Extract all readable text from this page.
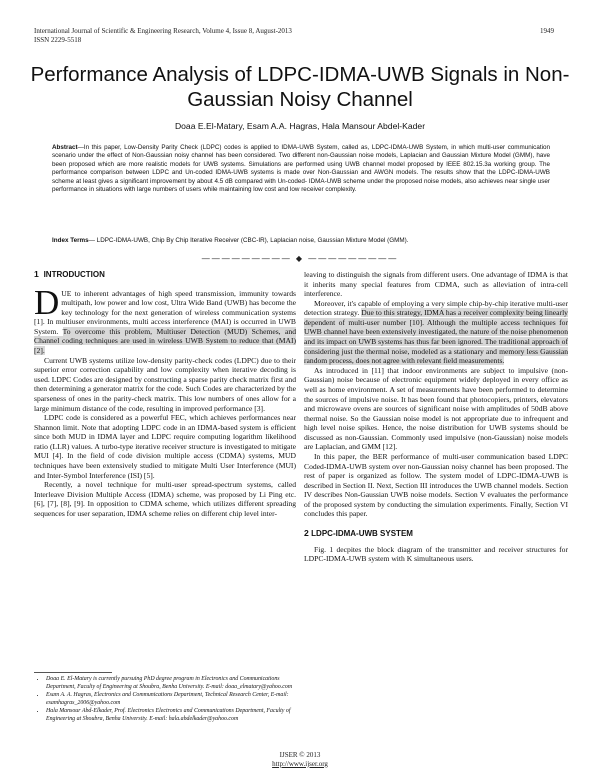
International Journal of Scientific & Engineering Research, Volume 4, Issue 8, August-2013
ISSN 2229-5518
1949
Performance Analysis of LDPC-IDMA-UWB Signals in Non-Gaussian Noisy Channel
Doaa E.El-Matary, Esam A.A. Hagras, Hala Mansour Abdel-Kader
Abstract—In this paper, Low-Density Parity Check (LDPC) codes is applied to IDMA-UWB System, called as, LDPC-IDMA-UWB System, in which multi-user communication scenario under the effect of Non-Gaussian noisy channel has been considered. Two different non-Gaussian noise models, Laplacian and Gaussian Mixture Model (GMM), have been proposed which are more realistic models for UWB systems. Simulations are performed using UWB channel model proposed by IEEE 802.15.3a working group. The performance comparison between LDPC and Un-coded IDMA-UWB systems is made over Non-Gaussian and AWGN models. The results show that the LDPC-IDMA-UWB scheme at least gives a significant improvement by about 4.5 dB compared with Un-coded- IDMA-UWB scheme under the proposed noise models, also achieves near single user performance in situations with large numbers of users while maintaining low cost and low receiver complexity.
Index Terms— LDPC-IDMA-UWB, Chip By Chip Iterative Receiver (CBC-IR), Laplacian noise, Gaussian Mixture Model (GMM).
————————— ◆ —————————
1 INTRODUCTION

DUE to inherent advantages of high speed transmission, immunity towards multipath, low power and low cost, Ultra Wide Band (UWB) has become the key technology for the next generation of wireless communication systems [1]. In multiuser environments, multi access interference (MAI) is occurred in UWB System. To overcome this problem, Multiuser Detection (MUD) Schemes, and Channel coding techniques are used in wireless UWB System to reduce that (MAI) [2].

Current UWB systems utilize low-density parity-check codes (LDPC) due to their superior error correction capability and low complexity when iterative decoding is used. LDPC Codes are designed by constructing a sparse parity check matrix first and then determining a generator matrix for the code. Such Codes are characterized by the sparseness of ones in the parity-check matrix. This low numbers of ones allow for a large minimum distance of the code, resulting in improved performance [3].

LDPC code is considered as a powerful FEC, which achieves performances near Shannon limit. Note that adopting LDPC code in an IDMA-based system is efficient since both MUD in IDMA layer and LDPC require computing logarithm likelihood ratio (LLR) values. A turbo-type iterative receiver structure is investigated to mitigate MUI [4]. In the field of code division multiple access (CDMA) systems, MUD techniques have been extensively studied to mitigate Multi User Interference (MUI) and Inter-Symbol Interference (ISI) [5].

Recently, a novel technique for multi-user spread-spectrum systems, called Interleave Division Multiple Access (IDMA) scheme, was proposed by Li Ping etc. [6], [7], [8], [9]. In opposition to CDMA scheme, which utilizes different spreading sequences for user separation, IDMA scheme relies on different chip level inter-

• Doaa E. El-Matary is currently pursuing PhD degree program in Electronics and Communications Department, Faculty of Engineering at Shoubra, Benha University. E-mail: doaa_elmatary@yahoo.com
• Esam A. A. Hagras, Electronics and Communications Department, Technical Research Center, E-mail: esamhagras_2006@yahoo.com
• Hala Mansour Abd-Elkader, Prof. Electronics Electronics and Communications Department, Faculty of Engineering at Shoubra, Benha University. E-mail: hala.abdelkader@yahoo.com

leaving to distinguish the signals from different users. One advantage of IDMA is that it inherits many special features from CDMA, such as alleviation of intra-cell interference.

Moreover, it's capable of employing a very simple chip-by-chip iterative multi-user detection strategy. Due to this strategy, IDMA has a receiver complexity being linearly dependent of multi-user number [10]. Although the multiple access techniques for UWB channel have been extensively investigated, the nature of the noise phenomenon and its impact on UWB systems has thus far been ignored. The traditional approach of considering just the thermal noise, modeled as a stationary and memory less Gaussian random process, does not agree with relevant field measurements.

As introduced in [11] that indoor environments are subject to impulsive (non-Gaussian) noise because of electronic equipment widely deployed in every office as well as home environment. A set of measurements have been performed to determine the sources of impulsive noise. It has been found that photocopiers, printers, elevators and microwave ovens are sources of significant noise with amplitudes of 50dB above thermal noise. So the Gaussian noise model is not appropriate due to infrequent and high level noise spikes. Hence, the noise distribution for UWB systems should be discussed as non-Gaussian. Commonly used impulsive (non-Gaussian) noise models are Laplacian, and GMM [12].

In this paper, the BER performance of multi-user communication based LDPC Coded-IDMA-UWB system over non-Gaussian noisy channel has been proposed. The rest of paper is organized as follow. The system model of LDPC-IDMA-UWB is described in Section II. Next, Section III introduces the UWB channel models. Section IV describes Non-Gaussian UWB noise models. Section V evaluates the performance of the proposed system by conducting the simulation experiments. Finally, Section VI concludes this paper.

2 LDPC-IDMA-UWB SYSTEM

Fig. 1 decpites the block diagram of the transmitter and receiver structures for LDPC-IDMA-UWB system with K simultaneous users.

IJSER © 2013
http://www.ijser.org
